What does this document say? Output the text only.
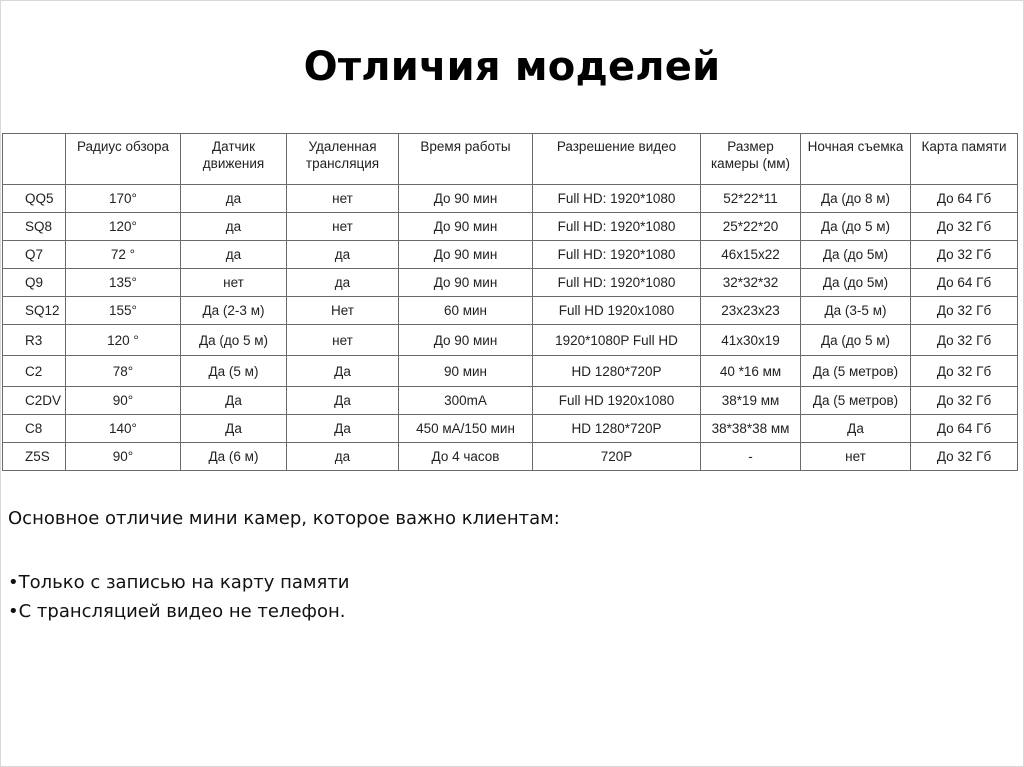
Отличия моделей
	Радиус обзора	Датчик движения	Удаленная трансляция	Время работы	Разрешение видео	Размер камеры (мм)	Ночная съемка	Карта памяти
QQ5	170°	да	нет	До 90 мин	Full HD: 1920*1080	52*22*11	Да (до 8 м)	До 64 Гб
SQ8	120°	да	нет	До 90 мин	Full HD: 1920*1080	25*22*20	Да (до 5 м)	До 32 Гб
Q7	72 °	да	да	До 90 мин	Full HD: 1920*1080	46x15x22	Да (до 5м)	До 32 Гб
Q9	135°	нет	да	До 90 мин	Full HD: 1920*1080	32*32*32	Да (до 5м)	До 64 Гб
SQ12	155°	Да (2-3 м)	Нет	60 мин	Full HD 1920x1080	23x23x23	Да (3-5 м)	До 32 Гб
R3	120 °	Да (до 5 м)	нет	До 90 мин	1920*1080P Full HD	41x30x19	Да (до 5 м)	До 32 Гб
C2	78°	Да (5 м)	Да	90 мин	HD 1280*720P	40 *16 мм	Да (5 метров)	До 32 Гб
C2DV	90°	Да	Да	300mA	Full HD 1920x1080	38*19 мм	Да (5 метров)	До 32 Гб
C8	140°	Да	Да	450 мА/150 мин	HD 1280*720P	38*38*38 мм	Да	До 64 Гб
Z5S	90°	Да (6 м)	да	До 4 часов	720P	-	нет	До 32 Гб
Основное отличие мини камер, которое важно клиентам:
•Только с записью на карту памяти
•С трансляцией видео не телефон.
